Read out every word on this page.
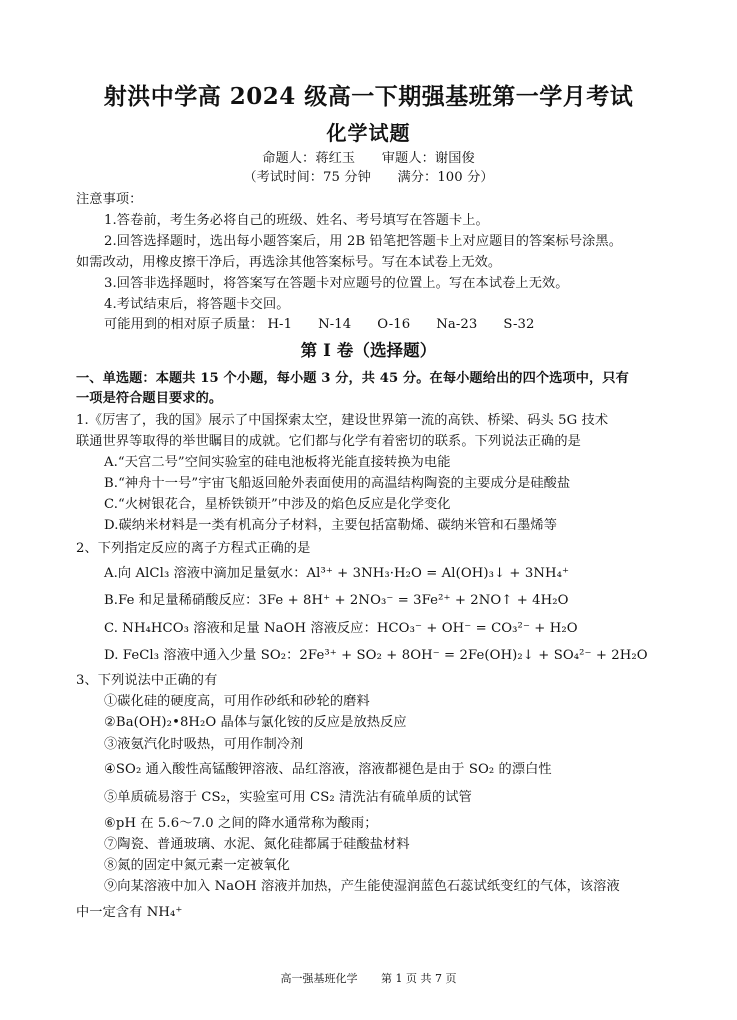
射洪中学高 2024 级高一下期强基班第一学月考试
化学试题
命题人：蒋红玉　　审题人：谢国俊
（考试时间：75 分钟　　满分：100 分）
注意事项：
1.答卷前，考生务必将自己的班级、姓名、考号填写在答题卡上。
2.回答选择题时，选出每小题答案后，用 2B 铅笔把答题卡上对应题目的答案标号涂黑。
如需改动，用橡皮擦干净后，再选涂其他答案标号。写在本试卷上无效。
3.回答非选择题时，将答案写在答题卡对应题号的位置上。写在本试卷上无效。
4.考试结束后，将答题卡交回。
可能用到的相对原子质量： H-1 N-14 O-16 Na-23 S-32
第 I 卷（选择题）
一、单选题：本题共 15 个小题，每小题 3 分，共 45 分。在每小题给出的四个选项中，只有
一项是符合题目要求的。
1.《厉害了，我的国》展示了中国探索太空，建设世界第一流的高铁、桥梁、码头 5G 技术
联通世界等取得的举世瞩目的成就。它们都与化学有着密切的联系。下列说法正确的是
A.“天宫二号”空间实验室的硅电池板将光能直接转换为电能
B.“神舟十一号”宇宙飞船返回舱外表面使用的高温结构陶瓷的主要成分是硅酸盐
C.“火树银花合，星桥铁锁开”中涉及的焰色反应是化学变化
D.碳纳米材料是一类有机高分子材料，主要包括富勒烯、碳纳米管和石墨烯等
2、下列指定反应的离子方程式正确的是
A.向 AlCl₃ 溶液中滴加足量氨水：Al³⁺ + 3NH₃·H₂O = Al(OH)₃↓ + 3NH₄⁺
B.Fe 和足量稀硝酸反应：3Fe + 8H⁺ + 2NO₃⁻ = 3Fe²⁺ + 2NO↑ + 4H₂O
C. NH₄HCO₃ 溶液和足量 NaOH 溶液反应：HCO₃⁻ + OH⁻ = CO₃²⁻ + H₂O
D. FeCl₃ 溶液中通入少量 SO₂：2Fe³⁺ + SO₂ + 8OH⁻ = 2Fe(OH)₂↓ + SO₄²⁻ + 2H₂O
3、下列说法中正确的有
①碳化硅的硬度高，可用作砂纸和砂轮的磨料
②Ba(OH)₂•8H₂O 晶体与氯化铵的反应是放热反应
③液氨汽化时吸热，可用作制冷剂
④SO₂ 通入酸性高锰酸钾溶液、品红溶液，溶液都褪色是由于 SO₂ 的漂白性
⑤单质硫易溶于 CS₂，实验室可用 CS₂ 清洗沾有硫单质的试管
⑥pH 在 5.6～7.0 之间的降水通常称为酸雨；
⑦陶瓷、普通玻璃、水泥、氮化硅都属于硅酸盐材料
⑧氮的固定中氮元素一定被氧化
⑨向某溶液中加入 NaOH 溶液并加热，产生能使湿润蓝色石蕊试纸变红的气体，该溶液
中一定含有 NH₄⁺
高一强基班化学 第 1 页 共 7 页
